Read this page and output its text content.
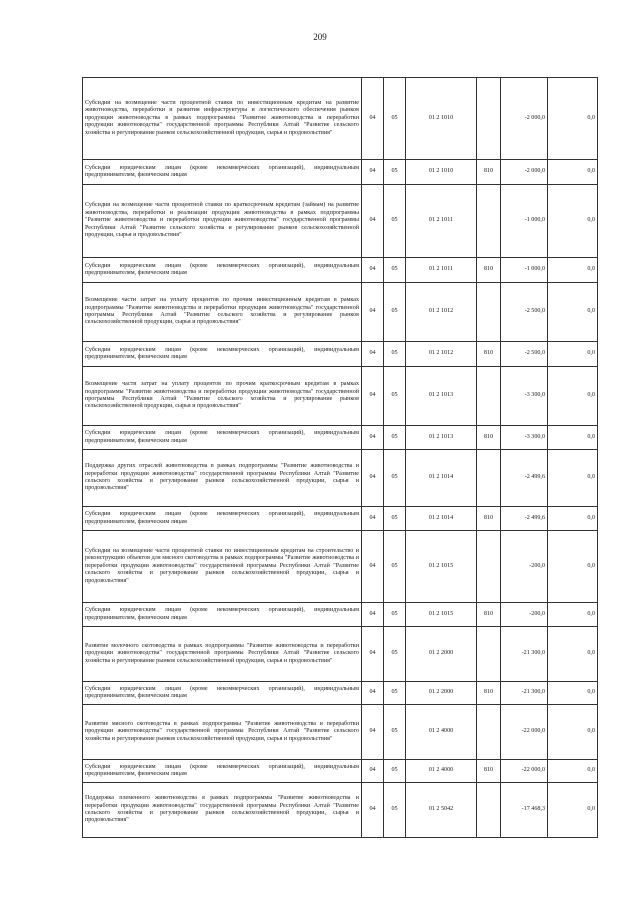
209
Субсидии на возмещение части процентной ставки по инвестиционным кредитам на развитие животноводства, переработки и развития инфраструктуры и логистического обеспечения рынков продукции животноводства в рамках подпрограммы "Развитие животноводства и переработки продукции животноводства" государственной программы Республики Алтай "Развитие сельского хозяйства и регулирование рынков сельскохозяйственной продукции, сырья и продовольствия"	04	05	01 2 1010		-2 000,0	0,0
Субсидии юридическим лицам (кроме некоммерческих организаций), индивидуальным предпринимателям, физическим лицам	04	05	01 2 1010	810	-2 000,0	0,0
Субсидии на возмещение части процентной ставки по краткосрочным кредитам (займам) на развитие животноводства, переработки и реализации продукции животноводства в рамках подпрограммы "Развитие животноводства и переработки продукции животноводства" государственной программы Республики Алтай "Развитие сельского хозяйства и регулирование рынков сельскохозяйственной продукции, сырья и продовольствия"	04	05	01 2 1011		-1 000,0	0,0
Субсидии юридическим лицам (кроме некоммерческих организаций), индивидуальным предпринимателям, физическим лицам	04	05	01 2 1011	810	-1 000,0	0,0
Возмещение части затрат на уплату процентов по прочим инвестиционным кредитам в рамках подпрограммы "Развитие животноводства и переработки продукции животноводства" государственной программы Республики Алтай "Развитие сельского хозяйства и регулирование рынков сельскохозяйственной продукции, сырья и продовольствия"	04	05	01 2 1012		-2 500,0	0,0
Субсидии юридическим лицам (кроме некоммерческих организаций), индивидуальным предпринимателям, физическим лицам	04	05	01 2 1012	810	-2 500,0	0,0
Возмещение части затрат на уплату процентов по прочим краткосрочным кредитам в рамках подпрограммы "Развитие животноводства и переработки продукции животноводства" государственной программы Республики Алтай "Развитие сельского хозяйства и регулирование рынков сельскохозяйственной продукции, сырья и продовольствия"	04	05	01 2 1013		-3 300,0	0,0
Субсидии юридическим лицам (кроме некоммерческих организаций), индивидуальным предпринимателям, физическим лицам	04	05	01 2 1013	810	-3 300,0	0,0
Поддержка других отраслей животноводства в рамках подпрограммы "Развитие животноводства и переработки продукции животноводства" государственной программы Республики Алтай "Развитие сельского хозяйства и регулирование рынков сельскохозяйственной продукции, сырья и продовольствия"	04	05	01 2 1014		-2 499,6	0,0
Субсидии юридическим лицам (кроме некоммерческих организаций), индивидуальным предпринимателям, физическим лицам	04	05	01 2 1014	810	-2 499,6	0,0
Субсидии на возмещение части процентной ставки по инвестиционным кредитам на строительство и реконструкцию объектов для мясного скотоводства в рамках подпрограммы "Развитие животноводства и переработки продукции животноводства" государственной программы Республики Алтай "Развитие сельского хозяйства и регулирование рынков сельскохозяйственной продукции, сырья и продовольствия"	04	05	01 2 1015		-200,0	0,0
Субсидии юридическим лицам (кроме некоммерческих организаций), индивидуальным предпринимателям, физическим лицам	04	05	01 2 1015	810	-200,0	0,0
Развитие молочного скотоводства в рамках подпрограммы "Развитие животноводства и переработки продукции животноводства" государственной программы Республики Алтай "Развитие сельского хозяйства и регулирование рынков сельскохозяйственной продукции, сырья и продовольствия"	04	05	01 2 2000		-21 300,0	0,0
Субсидии юридическим лицам (кроме некоммерческих организаций), индивидуальным предпринимателям, физическим лицам	04	05	01 2 2000	810	-21 300,0	0,0
Развитие мясного скотоводства в рамках подпрограммы "Развитие животноводства и переработки продукции животноводства" государственной программы Республики Алтай "Развитие сельского хозяйства и регулирование рынков сельскохозяйственной продукции, сырья и продовольствия"	04	05	01 2 4000		-22 000,0	0,0
Субсидии юридическим лицам (кроме некоммерческих организаций), индивидуальным предпринимателям, физическим лицам	04	05	01 2 4000	810	-22 000,0	0,0
Поддержка племенного животноводства в рамках подпрограммы "Развитие животноводства и переработки продукции животноводства" государственной программы Республики Алтай "Развитие сельского хозяйства и регулирование рынков сельскохозяйственной продукции, сырья и продовольствия"	04	05	01 2 5042		-17 468,3	0,0
